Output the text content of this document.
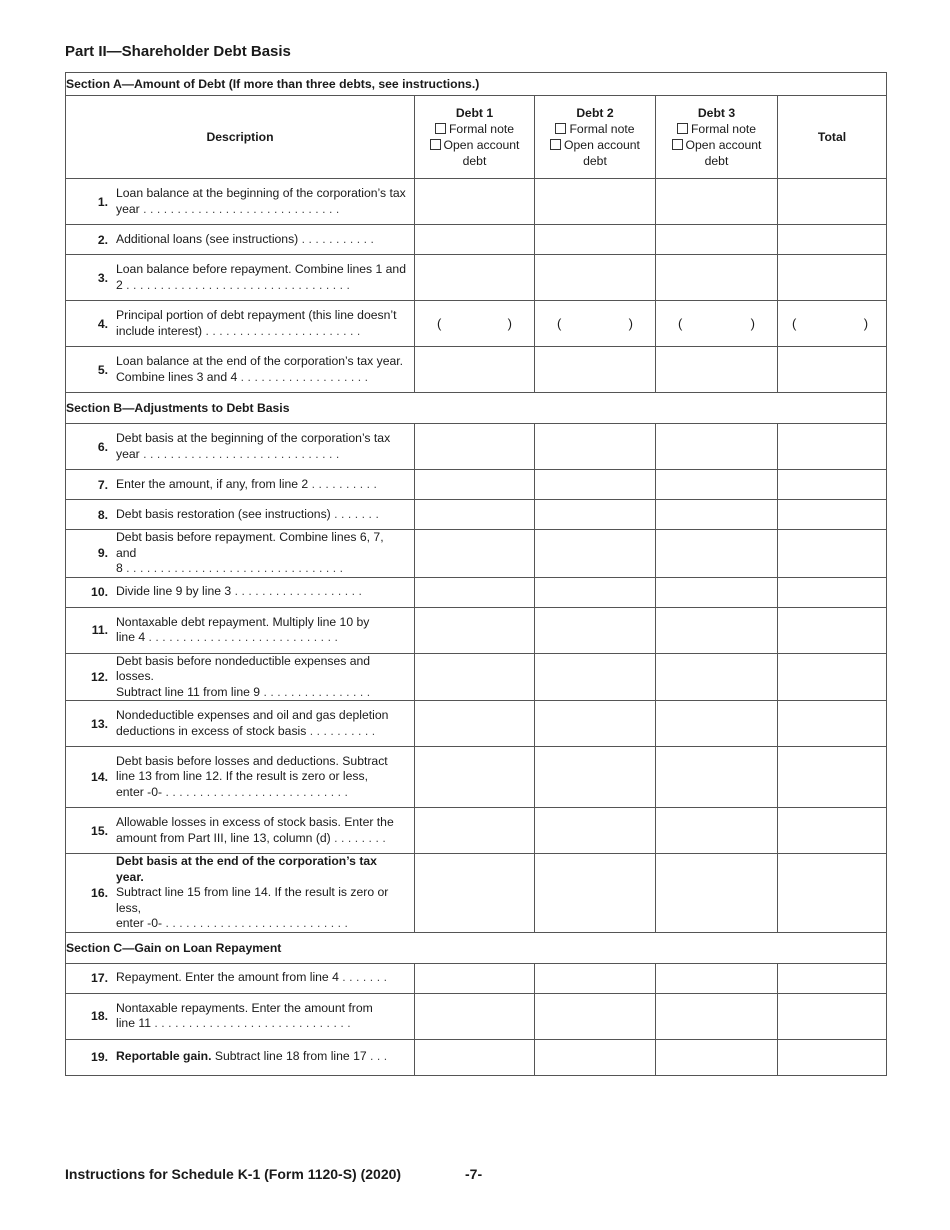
Part II—Shareholder Debt Basis
Section A—Amount of Debt (If more than three debts, see instructions.)				
Description	Debt 1
Formal note
Open account
debt	Debt 2
Formal note
Open account
debt	Debt 3
Formal note
Open account
debt	Total

1.
Loan balance at the beginning of the corporation’s tax
year .............................				

2. Additional loans (see instructions) ...........				

3.
Loan balance before repayment. Combine lines 1 and
2 .................................				

4.
Principal portion of debt repayment (this line doesn’t
include interest) .......................	( )	( )	( )	( )

5.
Loan balance at the end of the corporation’s tax year.
Combine lines 3 and 4 ...................				

Section B—Adjustments to Debt Basis				

6.
Debt basis at the beginning of the corporation’s tax
year .............................				

7. Enter the amount, if any, from line 2 ..........				

8. Debt basis restoration (see instructions) .......				

9.
Debt basis before repayment. Combine lines 6, 7, and
8 ................................				

10. Divide line 9 by line 3 ...................				

11.
Nontaxable debt repayment. Multiply line 10 by
line 4 ............................				

12.
Debt basis before nondeductible expenses and losses.
Subtract line 11 from line 9 ................				

13.
Nondeductible expenses and oil and gas depletion
deductions in excess of stock basis ..........				

14.
Debt basis before losses and deductions. Subtract
line 13 from line 12. If the result is zero or less,
enter -0- ...........................				

15.
Allowable losses in excess of stock basis. Enter the
amount from Part III, line 13, column (d) ........				

16.
Debt basis at the end of the corporation’s tax year.
Subtract line 15 from line 14. If the result is zero or less,
enter -0- ...........................				

Section C—Gain on Loan Repayment				

17. Repayment. Enter the amount from line 4 .......				

18.
Nontaxable repayments. Enter the amount from
line 11 .............................				

19. Reportable gain. Subtract line 18 from line 17 ...				

Instructions for Schedule K-1 (Form 1120-S) (2020)	-7-
